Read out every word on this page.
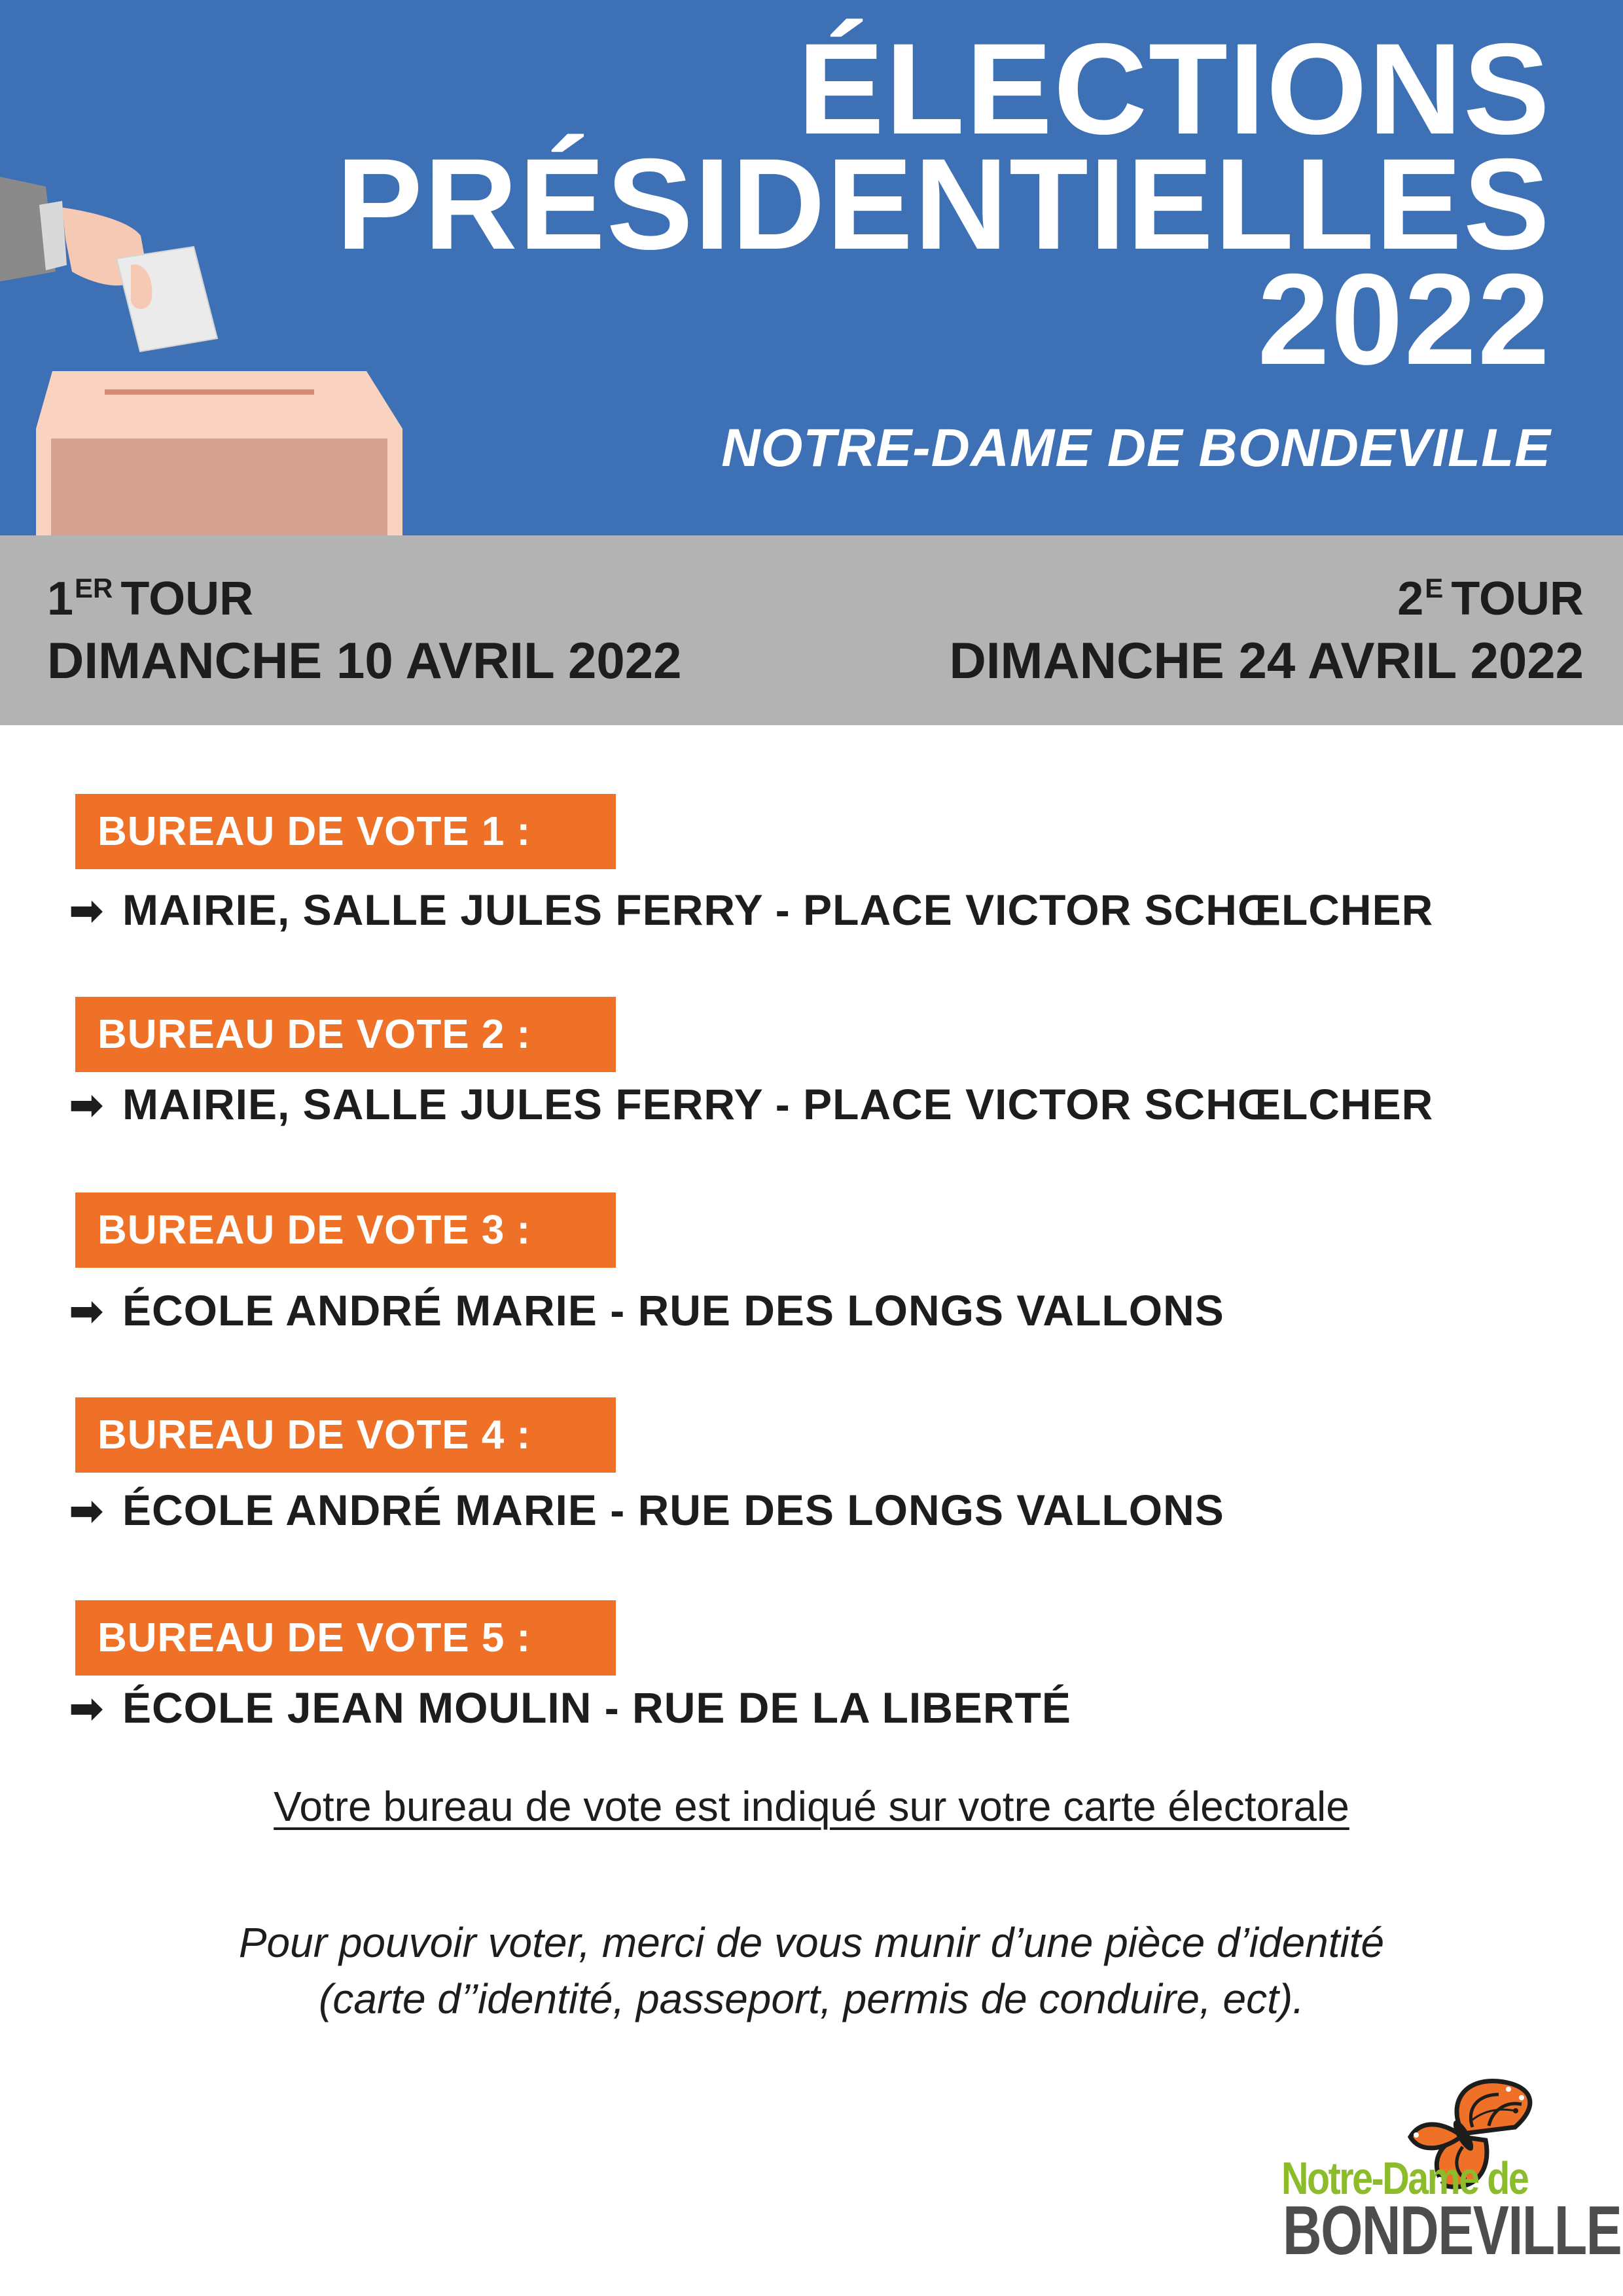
ÉLECTIONS
PRÉSIDENTIELLES
2022

NOTRE-DAME DE BONDEVILLE

1ER TOUR
DIMANCHE 10 AVRIL 2022
$2^E$ TOUR
DIMANCHE 24 AVRIL 2022
BUREAU DE VOTE 1 :
➡ MAIRIE, SALLE JULES FERRY - PLACE VICTOR SCHŒLCHER
BUREAU DE VOTE 2 :
➡ MAIRIE, SALLE JULES FERRY - PLACE VICTOR SCHŒLCHER
BUREAU DE VOTE 3 :
➡ ÉCOLE ANDRÉ MARIE - RUE DES LONGS VALLONS
BUREAU DE VOTE 4 :
➡ ÉCOLE ANDRÉ MARIE - RUE DES LONGS VALLONS
BUREAU DE VOTE 5 :
➡ ÉCOLE JEAN MOULIN - RUE DE LA LIBERTÉ
Votre bureau de vote est indiqué sur votre carte électorale
Pour pouvoir voter, merci de vous munir d’une pièce d’identité
(carte d’’identité, passeport, permis de conduire, ect).
Notre-Dame de
BONDEVILLE
